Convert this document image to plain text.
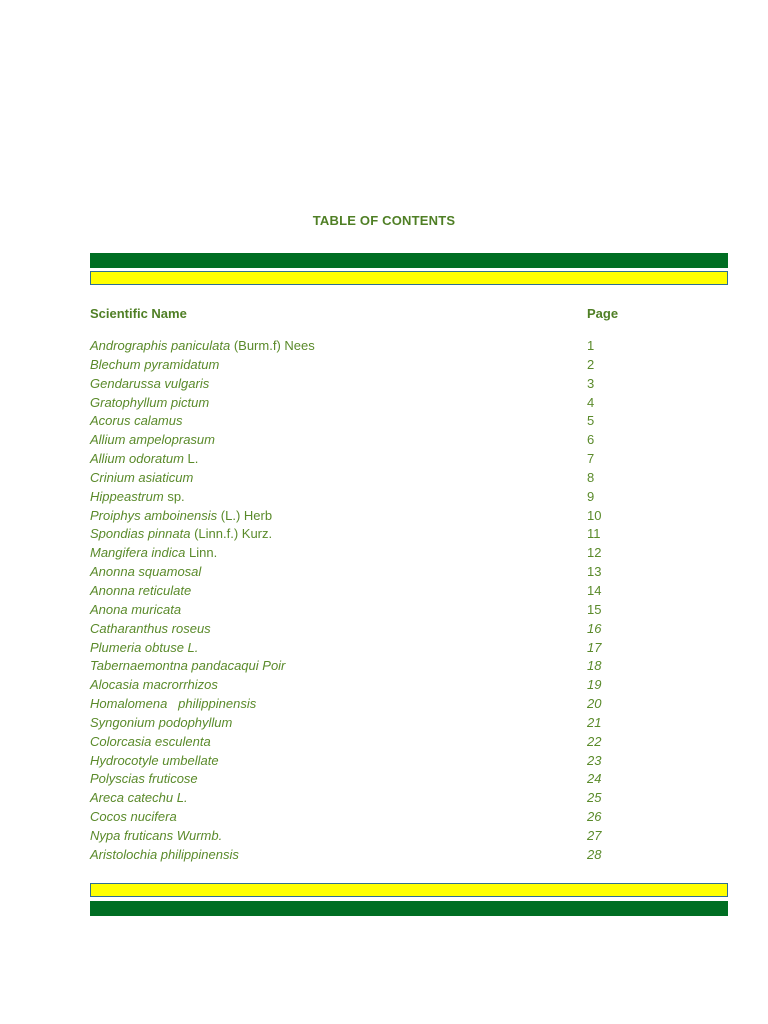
TABLE OF CONTENTS
Scientific Name	Page
Andrographis paniculata (Burm.f) Nees	1
Blechum pyramidatum	2
Gendarussa vulgaris	3
Gratophyllum pictum	4
Acorus calamus	5
Allium ampeloprasum	6
Allium odoratum L.	7
Crinium asiaticum	8
Hippeastrum sp.	9
Proiphys amboinensis (L.) Herb	10
Spondias pinnata (Linn.f.) Kurz.	11
Mangifera indica Linn.	12
Anonna squamosal	13
Anonna reticulate	14
Anona muricata	15
Catharanthus roseus	16
Plumeria obtuse L.	17
Tabernaemontna pandacaqui Poir	18
Alocasia macrorrhizos	19
Homalomena   philippinensis	20
Syngonium podophyllum	21
Colorcasia esculenta	22
Hydrocotyle umbellate	23
Polyscias fruticose	24
Areca catechu L.	25
Cocos nucifera	26
Nypa fruticans Wurmb.	27
Aristolochia philippinensis	28
